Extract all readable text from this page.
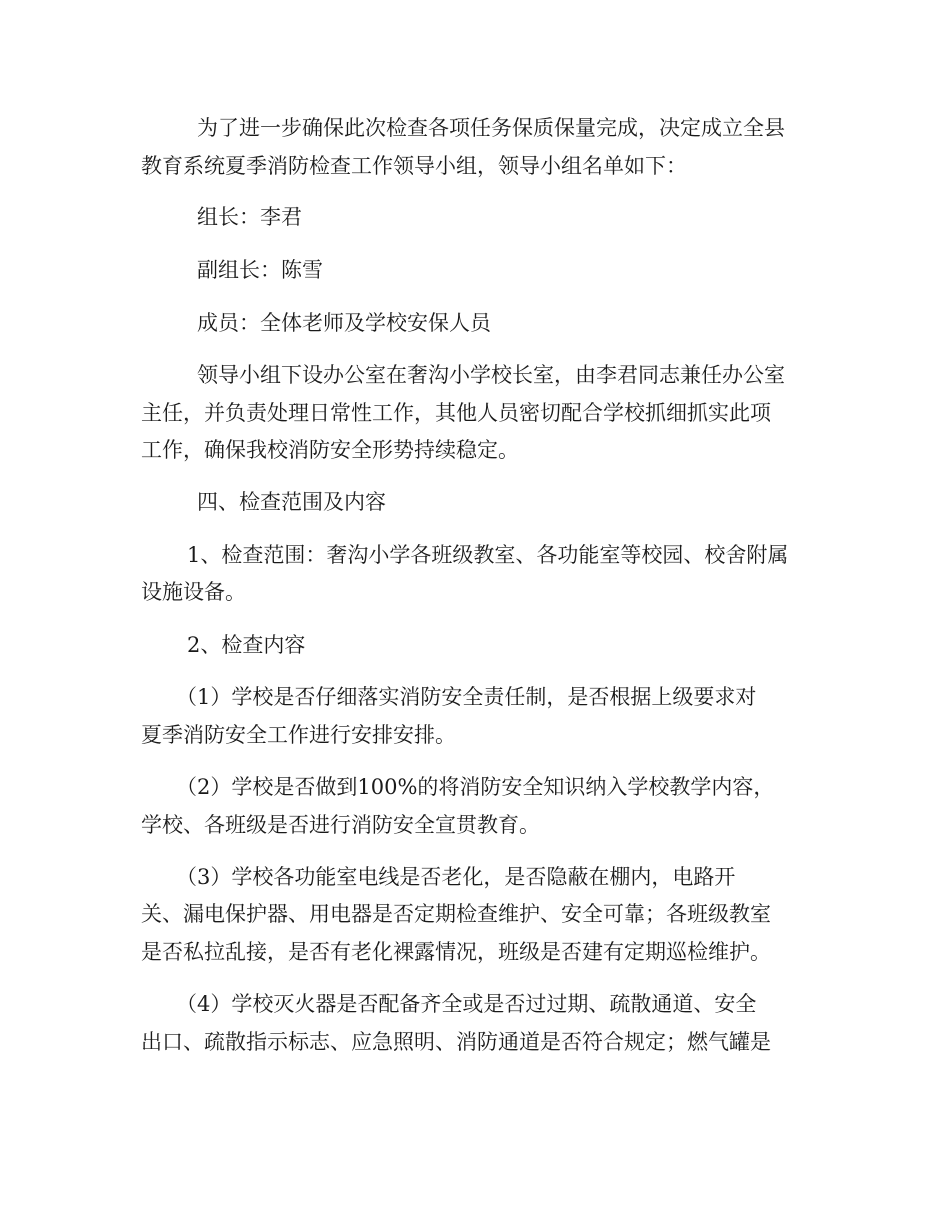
为了进一步确保此次检查各项任务保质保量完成，决定成立全县

教育系统夏季消防检查工作领导小组，领导小组名单如下：

组长：李君

副组长：陈雪

成员：全体老师及学校安保人员

领导小组下设办公室在奢沟小学校长室，由李君同志兼任办公室

主任，并负责处理日常性工作，其他人员密切配合学校抓细抓实此项

工作，确保我校消防安全形势持续稳定。

四、检查范围及内容

1、检查范围：奢沟小学各班级教室、各功能室等校园、校舍附属

设施设备。

2、检查内容

（1）学校是否仔细落实消防安全责任制，是否根据上级要求对

夏季消防安全工作进行安排安排。

（2）学校是否做到100%的将消防安全知识纳入学校教学内容，

学校、各班级是否进行消防安全宣贯教育。

（3）学校各功能室电线是否老化，是否隐蔽在棚内，电路开

关、漏电保护器、用电器是否定期检查维护、安全可靠；各班级教室

是否私拉乱接，是否有老化裸露情况，班级是否建有定期巡检维护。

（4）学校灭火器是否配备齐全或是否过过期、疏散通道、安全

出口、疏散指示标志、应急照明、消防通道是否符合规定；燃气罐是
